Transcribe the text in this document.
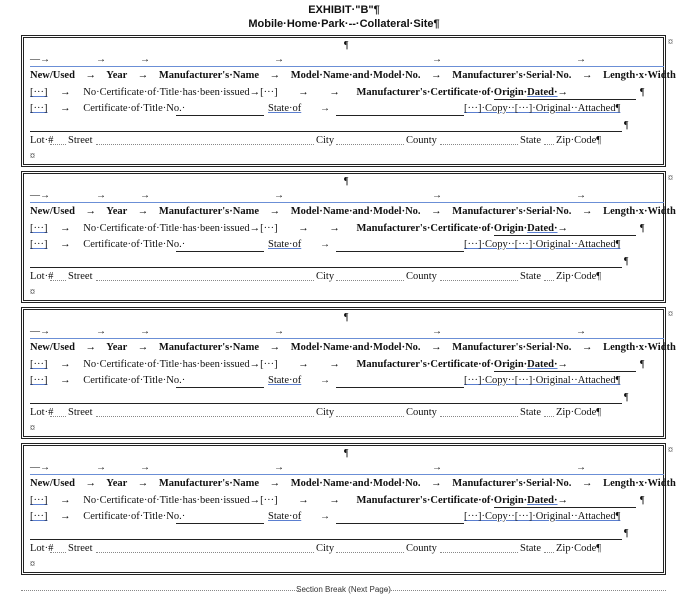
EXHIBIT·"B"¶
Mobile·Home·Park·--·Collateral·Site¶
¶
—→	→	→	→	→	→
New/Used → Year → Manufacturer's·Name → Model·Name·and·Model·No. → Manufacturer's·Serial·No. → Length·x·Width
[···] → No·Certificate·of·Title·has·been·issued→[···] → → Manufacturer's·Certificate·of·Origin·Dated·→	¶
[···] → Certificate·of·Title·No.·	State·of →	[···]·Copy··[···]·Original··Attached¶
¶
Lot·# Street	City	County	State Zip·Code¶
¤
¤
¶
—→	→	→	→	→	→
New/Used → Year → Manufacturer's·Name → Model·Name·and·Model·No. → Manufacturer's·Serial·No. → Length·x·Width
[···] → No·Certificate·of·Title·has·been·issued→[···] → → Manufacturer's·Certificate·of·Origin·Dated·→	¶
[···] → Certificate·of·Title·No.·	State·of →	[···]·Copy··[···]·Original··Attached¶
¶
Lot·# Street	City	County	State Zip·Code¶
¤
¤
¶
—→	→	→	→	→	→
New/Used → Year → Manufacturer's·Name → Model·Name·and·Model·No. → Manufacturer's·Serial·No. → Length·x·Width
[···] → No·Certificate·of·Title·has·been·issued→[···] → → Manufacturer's·Certificate·of·Origin·Dated·→	¶
[···] → Certificate·of·Title·No.·	State·of →	[···]·Copy··[···]·Original··Attached¶
¶
Lot·# Street	City	County	State Zip·Code¶
¤
¤
¶
—→	→	→	→	→	→
New/Used → Year → Manufacturer's·Name → Model·Name·and·Model·No. → Manufacturer's·Serial·No. → Length·x·Width
[···] → No·Certificate·of·Title·has·been·issued→[···] → → Manufacturer's·Certificate·of·Origin·Dated·→	¶
[···] → Certificate·of·Title·No.·	State·of →	[···]·Copy··[···]·Original··Attached¶
¶
Lot·# Street	City	County	State Zip·Code¶
¤
¤
Section Break (Next Page)
